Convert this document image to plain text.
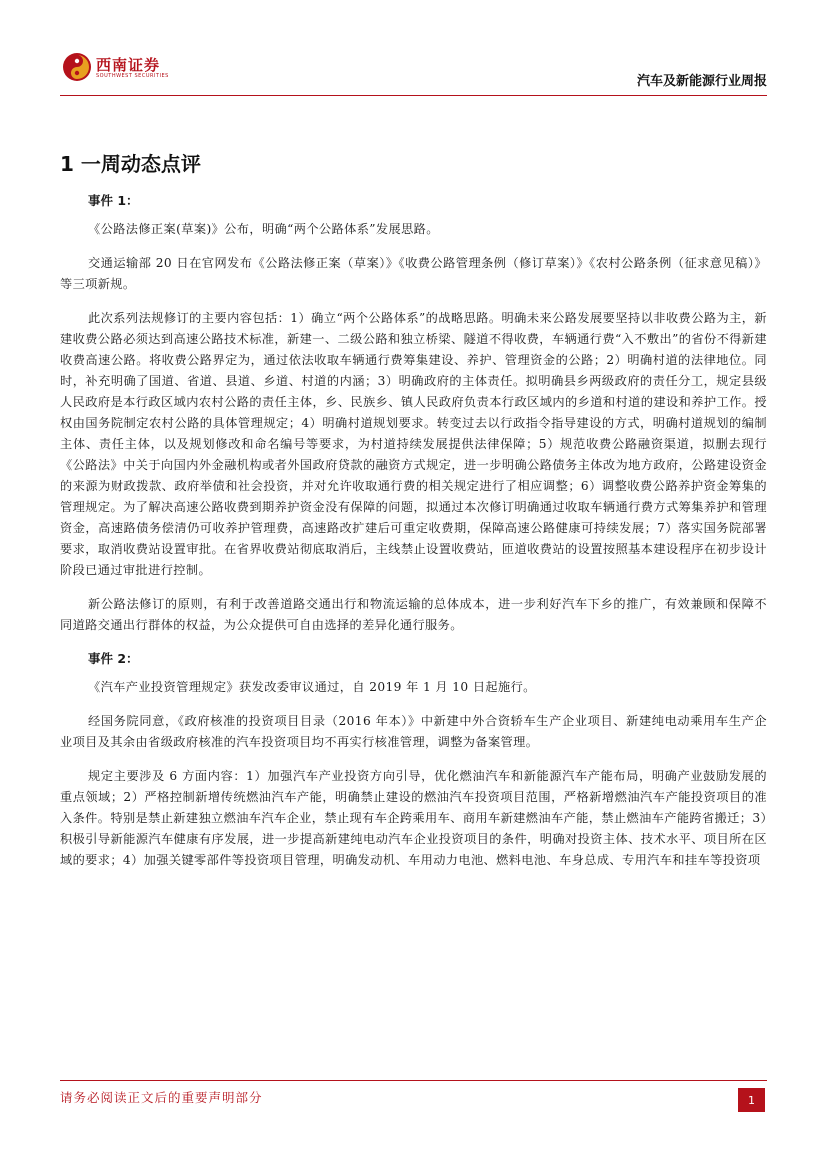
西南证券
SOUTHWEST SECURITIES	汽车及新能源行业周报
1 一周动态点评
事件 1：

《公路法修正案(草案)》公布，明确“两个公路体系”发展思路。

交通运输部 20 日在官网发布《公路法修正案（草案）》《收费公路管理条例（修订草案）》《农村公路条例（征求意见稿）》等三项新规。

此次系列法规修订的主要内容包括：1）确立“两个公路体系”的战略思路。明确未来公路发展要坚持以非收费公路为主，新建收费公路必须达到高速公路技术标准，新建一、二级公路和独立桥梁、隧道不得收费，车辆通行费“入不敷出”的省份不得新建收费高速公路。将收费公路界定为，通过依法收取车辆通行费筹集建设、养护、管理资金的公路；2）明确村道的法律地位。同时，补充明确了国道、省道、县道、乡道、村道的内涵；3）明确政府的主体责任。拟明确县乡两级政府的责任分工，规定县级人民政府是本行政区域内农村公路的责任主体，乡、民族乡、镇人民政府负责本行政区域内的乡道和村道的建设和养护工作。授权由国务院制定农村公路的具体管理规定；4）明确村道规划要求。转变过去以行政指令指导建设的方式，明确村道规划的编制主体、责任主体，以及规划修改和命名编号等要求，为村道持续发展提供法律保障；5）规范收费公路融资渠道，拟删去现行《公路法》中关于向国内外金融机构或者外国政府贷款的融资方式规定，进一步明确公路债务主体改为地方政府，公路建设资金的来源为财政拨款、政府举债和社会投资，并对允许收取通行费的相关规定进行了相应调整；6）调整收费公路养护资金筹集的管理规定。为了解决高速公路收费到期养护资金没有保障的问题，拟通过本次修订明确通过收取车辆通行费方式筹集养护和管理资金，高速路债务偿清仍可收养护管理费，高速路改扩建后可重定收费期，保障高速公路健康可持续发展；7）落实国务院部署要求，取消收费站设置审批。在省界收费站彻底取消后，主线禁止设置收费站，匝道收费站的设置按照基本建设程序在初步设计阶段已通过审批进行控制。

新公路法修订的原则，有利于改善道路交通出行和物流运输的总体成本，进一步利好汽车下乡的推广，有效兼顾和保障不同道路交通出行群体的权益，为公众提供可自由选择的差异化通行服务。

事件 2：

《汽车产业投资管理规定》获发改委审议通过，自 2019 年 1 月 10 日起施行。

经国务院同意，《政府核准的投资项目目录（2016 年本）》中新建中外合资轿车生产企业项目、新建纯电动乘用车生产企业项目及其余由省级政府核准的汽车投资项目均不再实行核准管理，调整为备案管理。

规定主要涉及 6 方面内容：1）加强汽车产业投资方向引导，优化燃油汽车和新能源汽车产能布局，明确产业鼓励发展的重点领域；2）严格控制新增传统燃油汽车产能，明确禁止建设的燃油汽车投资项目范围，严格新增燃油汽车产能投资项目的准入条件。特别是禁止新建独立燃油车汽车企业，禁止现有车企跨乘用车、商用车新建燃油车产能，禁止燃油车产能跨省搬迁；3）积极引导新能源汽车健康有序发展，进一步提高新建纯电动汽车企业投资项目的条件，明确对投资主体、技术水平、项目所在区域的要求；4）加强关键零部件等投资项目管理，明确发动机、车用动力电池、燃料电池、车身总成、专用汽车和挂车等投资项

请务必阅读正文后的重要声明部分	1
